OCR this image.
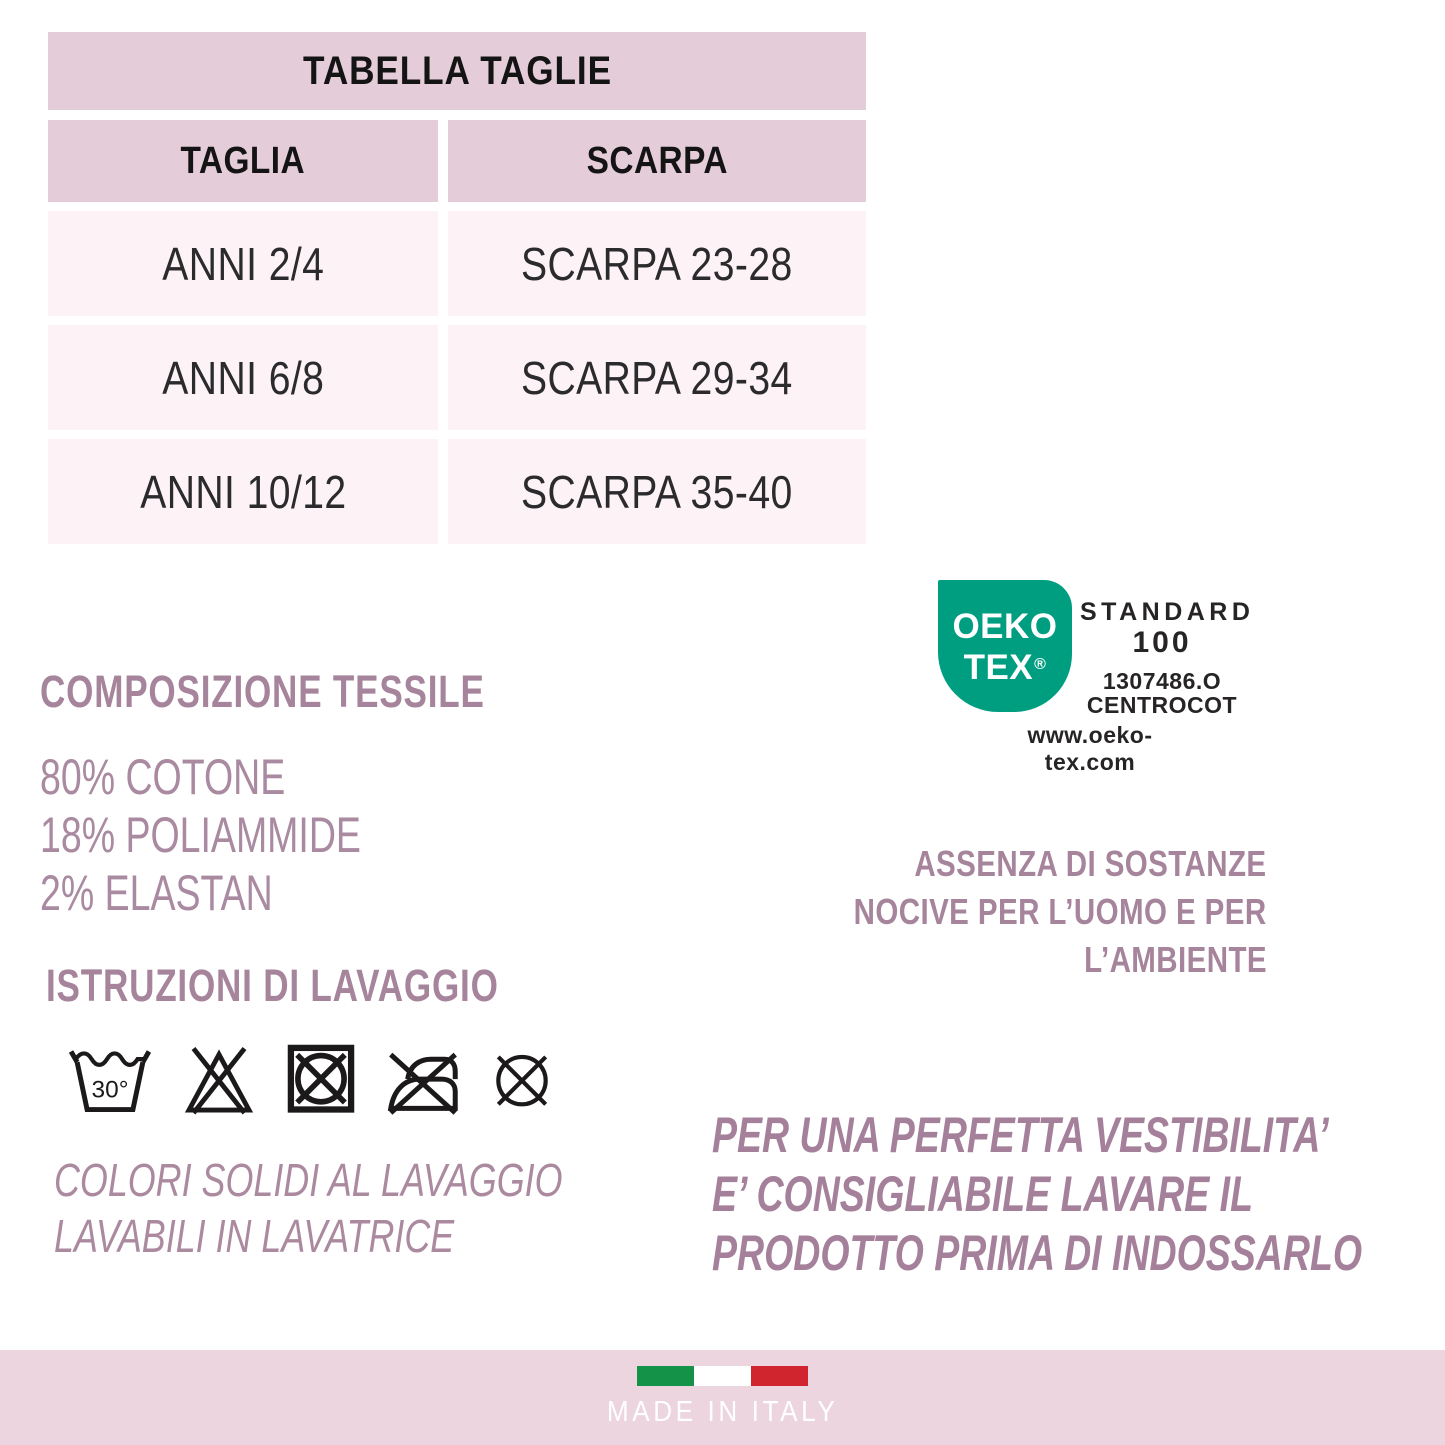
TABELLA TAGLIE
TAGLIA	SCARPA
ANNI 2/4	SCARPA 23-28
ANNI 6/8	SCARPA 29-34
ANNI 10/12	SCARPA 35-40
COMPOSIZIONE TESSILE
80% COTONE
18% POLIAMMIDE
2% ELASTAN
ISTRUZIONI DI LAVAGGIO
30°
COLORI SOLIDI AL LAVAGGIO
LAVABILI IN LAVATRICE
OEKO
TEX®
STANDARD
100
1307486.O
CENTROCOT
www.oeko-tex.com
ASSENZA DI SOSTANZE
NOCIVE PER L’UOMO E PER
L’AMBIENTE
PER UNA PERFETTA VESTIBILITA’
E’ CONSIGLIABILE LAVARE IL
PRODOTTO PRIMA DI INDOSSARLO
MADE IN ITALY
